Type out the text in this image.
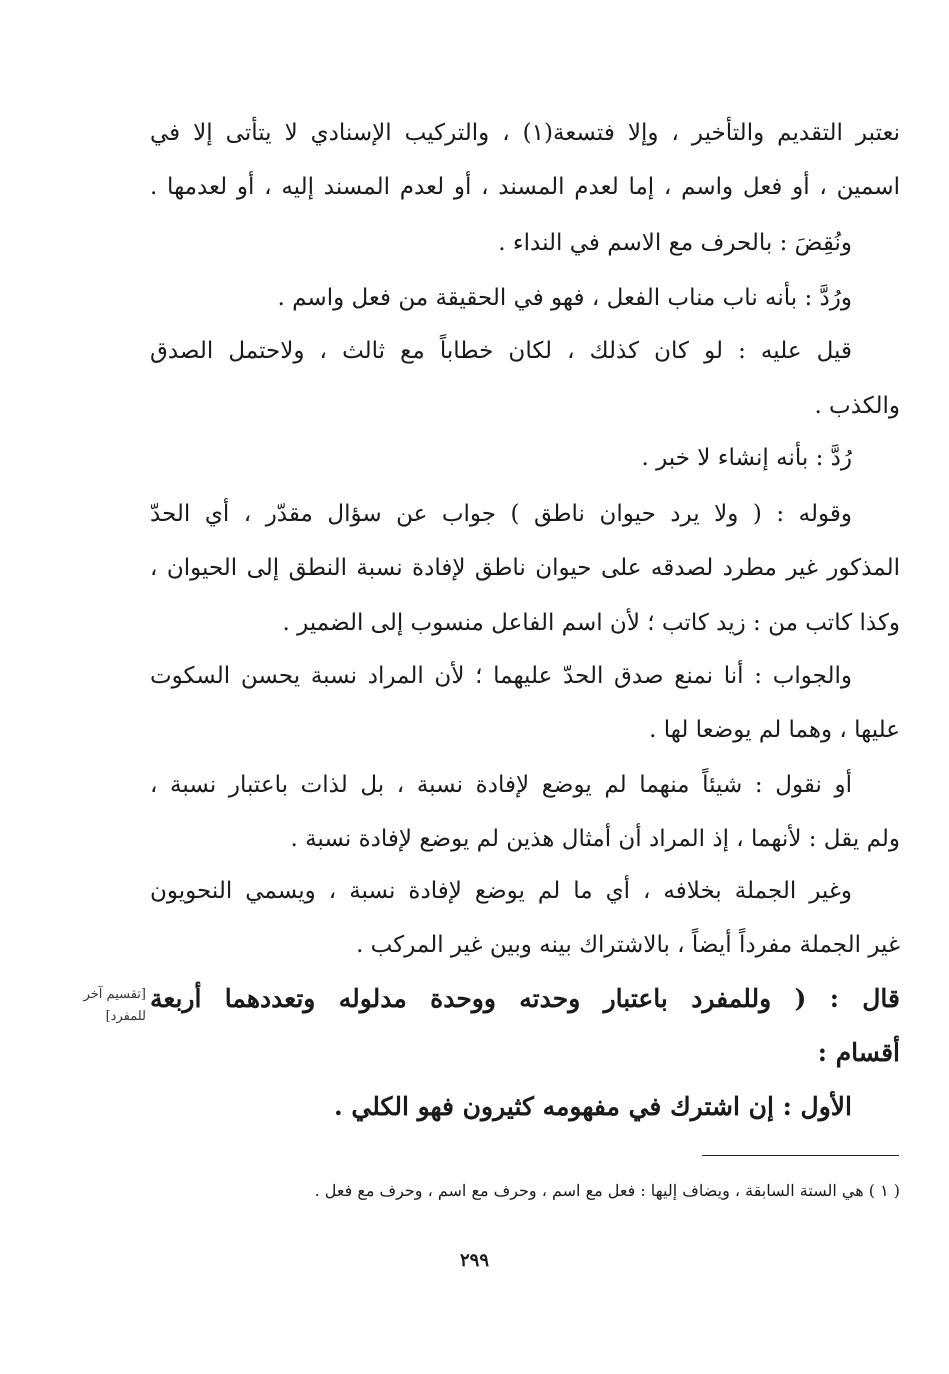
نعتبر التقديم والتأخير ، وإلا فتسعة(١) ، والتركيب الإسنادي لا يتأتى إلا في
اسمين ، أو فعل واسم ، إما لعدم المسند ، أو لعدم المسند إليه ، أو لعدمها .
ونُقِضَ : بالحرف مع الاسم في النداء .
ورُدَّ : بأنه ناب مناب الفعل ، فهو في الحقيقة من فعل واسم .
قيل عليه : لو كان كذلك ، لكان خطاباً مع ثالث ، ولاحتمل الصدق
والكذب .
رُدَّ : بأنه إنشاء لا خبر .
وقوله : ( ولا يرد حيوان ناطق ) جواب عن سؤال مقدّر ، أي الحدّ
المذكور غير مطرد لصدقه على حيوان ناطق لإفادة نسبة النطق إلى الحيوان ،
وكذا كاتب من : زيد كاتب ؛ لأن اسم الفاعل منسوب إلى الضمير .
والجواب : أنا نمنع صدق الحدّ عليهما ؛ لأن المراد نسبة يحسن السكوت
عليها ، وهما لم يوضعا لها .
أو نقول : شيئاً منهما لم يوضع لإفادة نسبة ، بل لذات باعتبار نسبة ،
ولم يقل : لأنهما ، إذ المراد أن أمثال هذين لم يوضع لإفادة نسبة .
وغير الجملة بخلافه ، أي ما لم يوضع لإفادة نسبة ، ويسمي النحويون
غير الجملة مفرداً أيضاً ، بالاشتراك بينه وبين غير المركب .
قال : ( وللمفرد باعتبار وحدته ووحدة مدلوله وتعددهما أربعة
أقسام :
الأول : إن اشترك في مفهومه كثيرون فهو الكلي .
[تقسيم آخر للمفرد]
( ١ ) هي الستة السابقة ، ويضاف إليها : فعل مع اسم ، وحرف مع اسم ، وحرف مع فعل .
٢٩٩
